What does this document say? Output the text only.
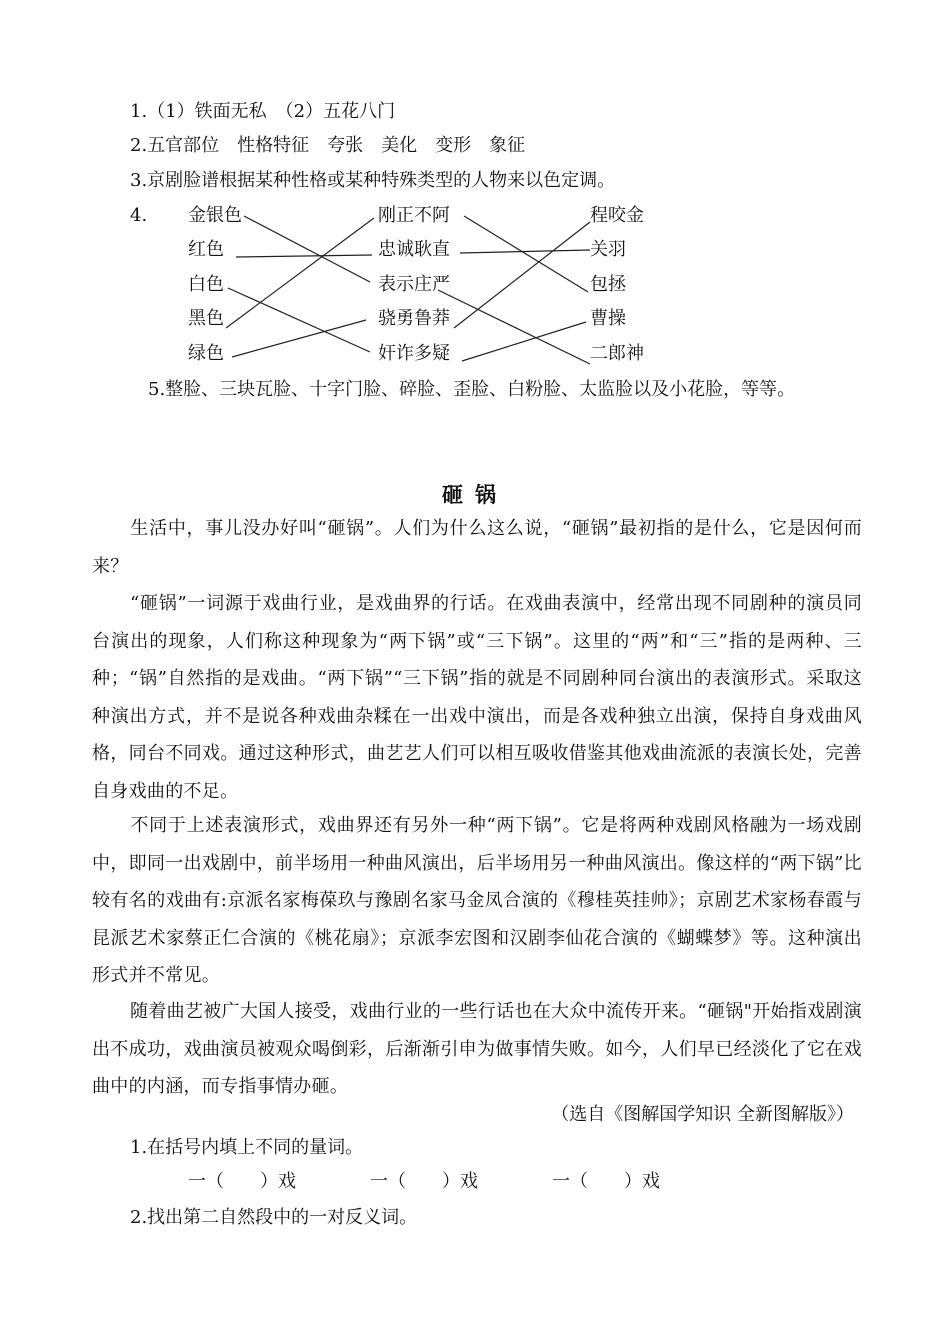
1.（1）铁面无私　（2）五花八门
2.五官部位　性格特征　夸张　美化　变形　象征
3.京剧脸谱根据某种性格或某种特殊类型的人物来以色定调。
4. 金银色
红色
白色
黑色
绿色
刚正不阿
忠诚耿直
表示庄严
骁勇鲁莽
奸诈多疑
程咬金
关羽
包拯
曹操
二郎神
5.整脸、三块瓦脸、十字门脸、碎脸、歪脸、白粉脸、太监脸以及小花脸，等等。
砸锅
生活中，事儿没办好叫“砸锅”。人们为什么这么说，“砸锅”最初指的是什么，它是因何而来？
“砸锅”一词源于戏曲行业，是戏曲界的行话。在戏曲表演中，经常出现不同剧种的演员同台演出的现象，人们称这种现象为“两下锅”或“三下锅”。这里的“两”和“三”指的是两种、三种；“锅”自然指的是戏曲。“两下锅”“三下锅”指的就是不同剧种同台演出的表演形式。采取这种演出方式，并不是说各种戏曲杂糅在一出戏中演出，而是各戏种独立出演，保持自身戏曲风格，同台不同戏。通过这种形式，曲艺艺人们可以相互吸收借鉴其他戏曲流派的表演长处，完善自身戏曲的不足。
不同于上述表演形式，戏曲界还有另外一种“两下锅”。它是将两种戏剧风格融为一场戏剧中，即同一出戏剧中，前半场用一种曲风演出，后半场用另一种曲风演出。像这样的“两下锅”比较有名的戏曲有:京派名家梅葆玖与豫剧名家马金凤合演的《穆桂英挂帅》；京剧艺术家杨春霞与昆派艺术家蔡正仁合演的《桃花扇》；京派李宏图和汉剧李仙花合演的《蝴蝶梦》等。这种演出形式并不常见。
随着曲艺被广大国人接受，戏曲行业的一些行话也在大众中流传开来。“砸锅"开始指戏剧演出不成功，戏曲演员被观众喝倒彩，后渐渐引申为做事情失败。如今，人们早已经淡化了它在戏曲中的内涵，而专指事情办砸。
（选自《图解国学知识 全新图解版》）
1.在括号内填上不同的量词。
一（　　）戏	一（　　）戏	一（　　）戏
2.找出第二自然段中的一对反义词。
